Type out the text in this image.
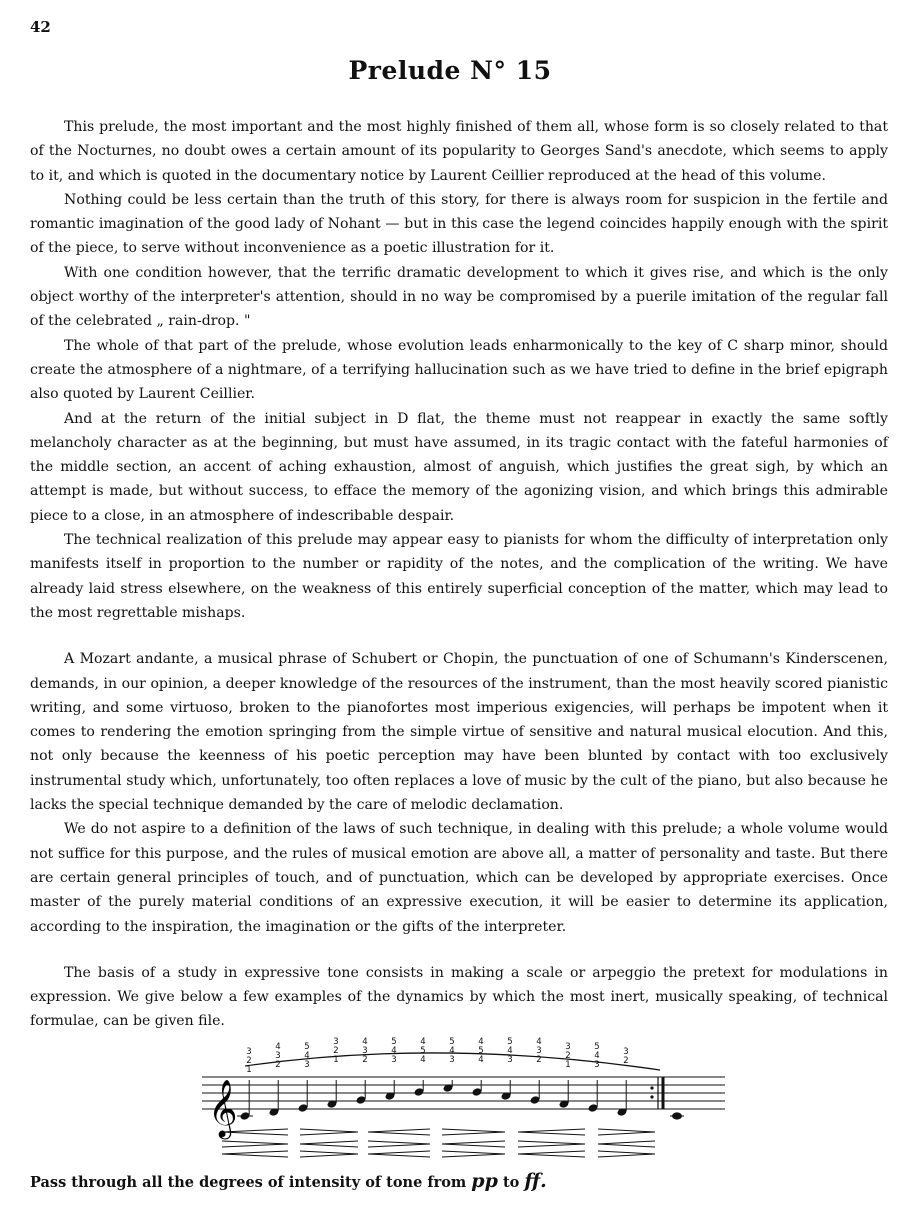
42
Prelude N° 15

This prelude, the most important and the most highly finished of them all, whose form is so closely related to that of the Nocturnes, no doubt owes a certain amount of its popularity to Georges Sand's anecdote, which seems to apply to it, and which is quoted in the documentary notice by Laurent Ceillier reproduced at the head of this volume.

Nothing could be less certain than the truth of this story, for there is always room for suspicion in the fertile and romantic imagination of the good lady of Nohant — but in this case the legend coincides happily enough with the spirit of the piece, to serve without inconvenience as a poetic illustration for it.

With one condition however, that the terrific dramatic development to which it gives rise, and which is the only object worthy of the interpreter's attention, should in no way be compromised by a puerile imitation of the regular fall of the celebrated „ rain-drop. "

The whole of that part of the prelude, whose evolution leads enharmonically to the key of C sharp minor, should create the atmosphere of a nightmare, of a terrifying hallucination such as we have tried to define in the brief epigraph also quoted by Laurent Ceillier.

And at the return of the initial subject in D flat, the theme must not reappear in exactly the same softly melancholy character as at the beginning, but must have assumed, in its tragic contact with the fateful harmonies of the middle section, an accent of aching exhaustion, almost of anguish, which justifies the great sigh, by which an attempt is made, but without success, to efface the memory of the agonizing vision, and which brings this admirable piece to a close, in an atmosphere of indescribable despair.

The technical realization of this prelude may appear easy to pianists for whom the difficulty of interpretation only manifests itself in proportion to the number or rapidity of the notes, and the complication of the writing. We have already laid stress elsewhere, on the weakness of this entirely superficial conception of the matter, which may lead to the most regrettable mishaps.

A Mozart andante, a musical phrase of Schubert or Chopin, the punctuation of one of Schumann's Kinderscenen, demands, in our opinion, a deeper knowledge of the resources of the instrument, than the most heavily scored pianistic writing, and some virtuoso, broken to the pianofortes most imperious exigencies, will perhaps be impotent when it comes to rendering the emotion springing from the simple virtue of sensitive and natural musical elocution. And this, not only because the keenness of his poetic perception may have been blunted by contact with too exclusively instrumental study which, unfortunately, too often replaces a love of music by the cult of the piano, but also because he lacks the special technique demanded by the care of melodic declamation.

We do not aspire to a definition of the laws of such technique, in dealing with this prelude; a whole volume would not suffice for this purpose, and the rules of musical emotion are above all, a matter of personality and taste. But there are certain general principles of touch, and of punctuation, which can be developed by appropriate exercises. Once master of the purely material conditions of an expressive execution, it will be easier to determine its application, according to the inspiration, the imagination or the gifts of the interpreter.

The basis of a study in expressive tone consists in making a scale or arpeggio the pretext for modulations in expression. We give below a few examples of the dynamics by which the most inert, musically speaking, of technical formulae, can be given file.

𝄞
3
2
1
4
3
2
5
4
3
3
2
1
4
3
2
5
4
3
4
5
4
5
4
3
4
5
4
5
4
3
4
3
2
3
2
1
5
4
3
3
2
Pass through all the degrees of intensity of tone from pp to ff.
